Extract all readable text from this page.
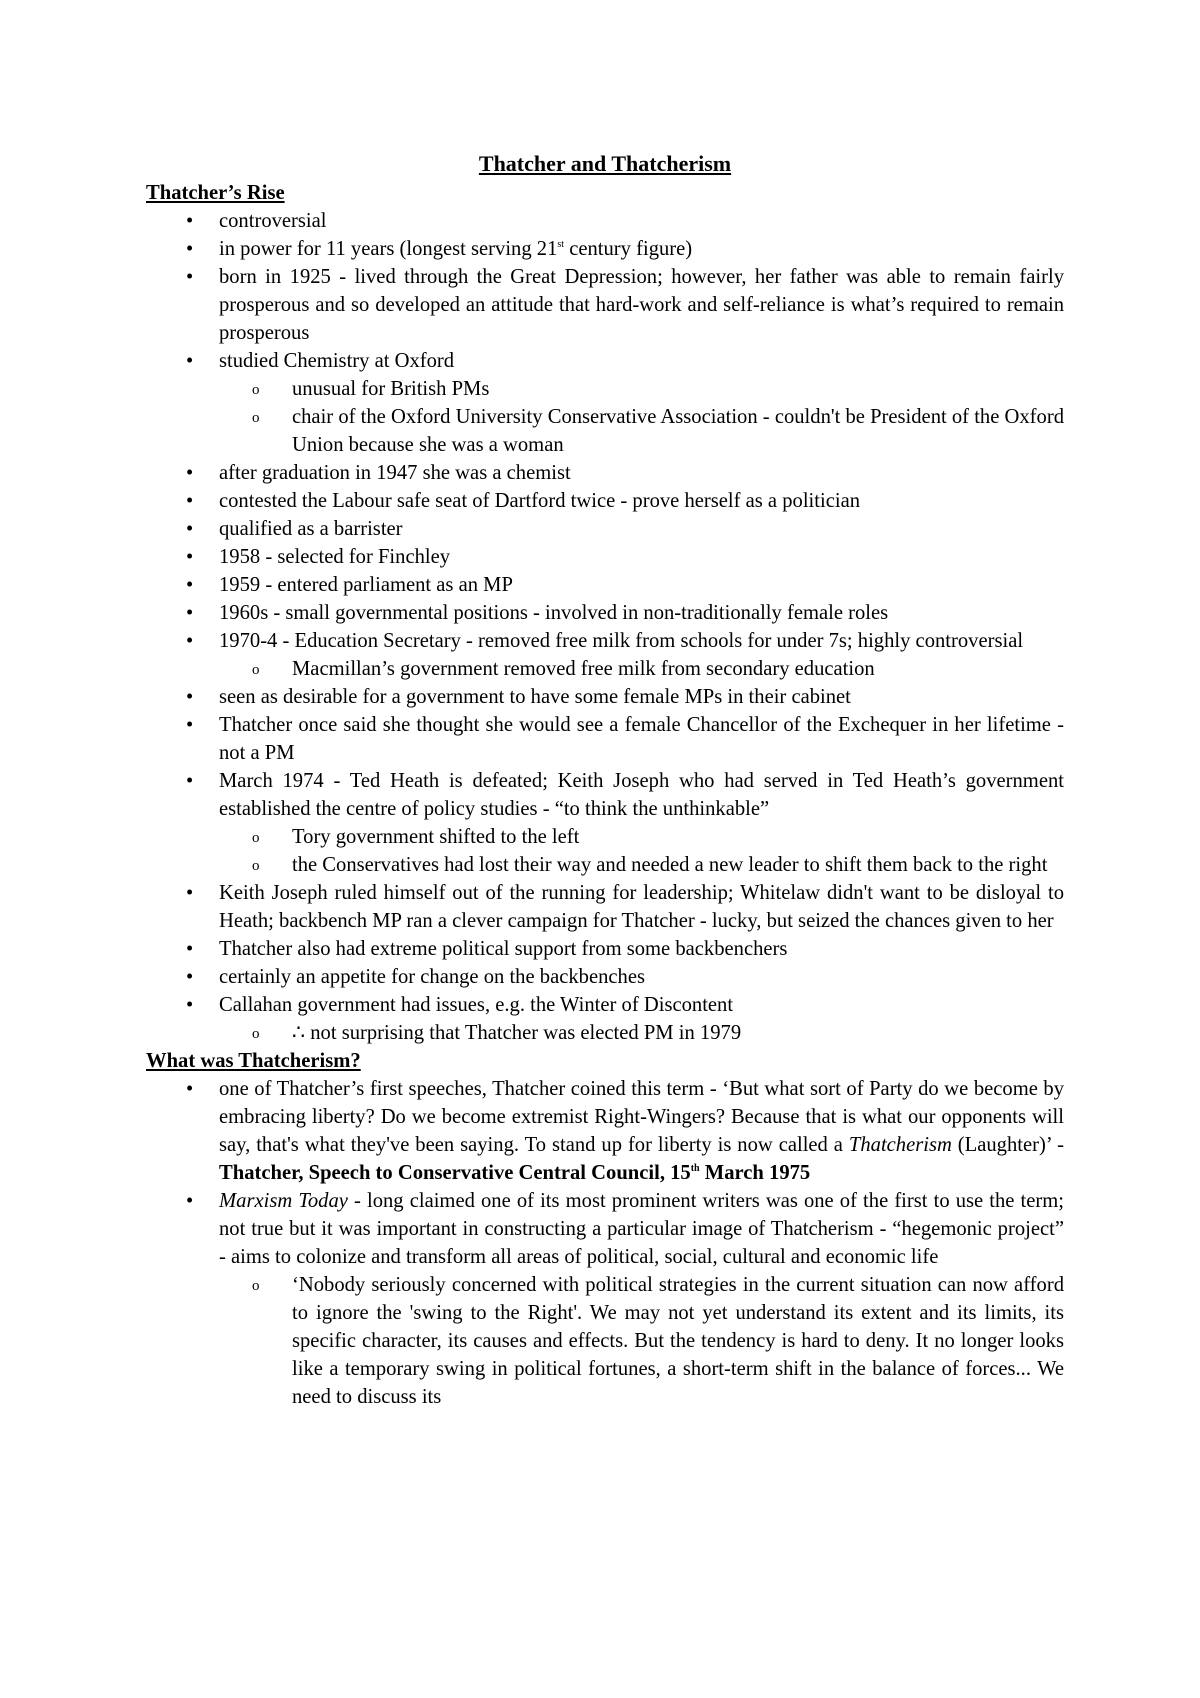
Thatcher and Thatcherism
Thatcher’s Rise
• controversial
• in power for 11 years (longest serving 21st century figure)
• born in 1925 - lived through the Great Depression; however, her father was able to remain fairly prosperous and so developed an attitude that hard-work and self-reliance is what’s required to remain prosperous
• studied Chemistry at Oxford
o unusual for British PMs
o chair of the Oxford University Conservative Association - couldn't be President of the Oxford Union because she was a woman
• after graduation in 1947 she was a chemist
• contested the Labour safe seat of Dartford twice - prove herself as a politician
• qualified as a barrister
• 1958 - selected for Finchley
• 1959 - entered parliament as an MP
• 1960s - small governmental positions - involved in non-traditionally female roles
• 1970-4 - Education Secretary - removed free milk from schools for under 7s; highly controversial
o Macmillan’s government removed free milk from secondary education
• seen as desirable for a government to have some female MPs in their cabinet
• Thatcher once said she thought she would see a female Chancellor of the Exchequer in her lifetime - not a PM
• March 1974 - Ted Heath is defeated; Keith Joseph who had served in Ted Heath’s government established the centre of policy studies - “to think the unthinkable”
o Tory government shifted to the left
o the Conservatives had lost their way and needed a new leader to shift them back to the right
• Keith Joseph ruled himself out of the running for leadership; Whitelaw didn't want to be disloyal to Heath; backbench MP ran a clever campaign for Thatcher - lucky, but seized the chances given to her
• Thatcher also had extreme political support from some backbenchers
• certainly an appetite for change on the backbenches
• Callahan government had issues, e.g. the Winter of Discontent
o ∴ not surprising that Thatcher was elected PM in 1979
What was Thatcherism?
• one of Thatcher’s first speeches, Thatcher coined this term - ‘But what sort of Party do we become by embracing liberty? Do we become extremist Right-Wingers? Because that is what our opponents will say, that's what they've been saying. To stand up for liberty is now called a Thatcherism (Laughter)’ - Thatcher, Speech to Conservative Central Council, 15th March 1975
• Marxism Today - long claimed one of its most prominent writers was one of the first to use the term; not true but it was important in constructing a particular image of Thatcherism - “hegemonic project” - aims to colonize and transform all areas of political, social, cultural and economic life
o ‘Nobody seriously concerned with political strategies in the current situation can now afford to ignore the 'swing to the Right'. We may not yet understand its extent and its limits, its specific character, its causes and effects. But the tendency is hard to deny. It no longer looks like a temporary swing in political fortunes, a short-term shift in the balance of forces... We need to discuss its
